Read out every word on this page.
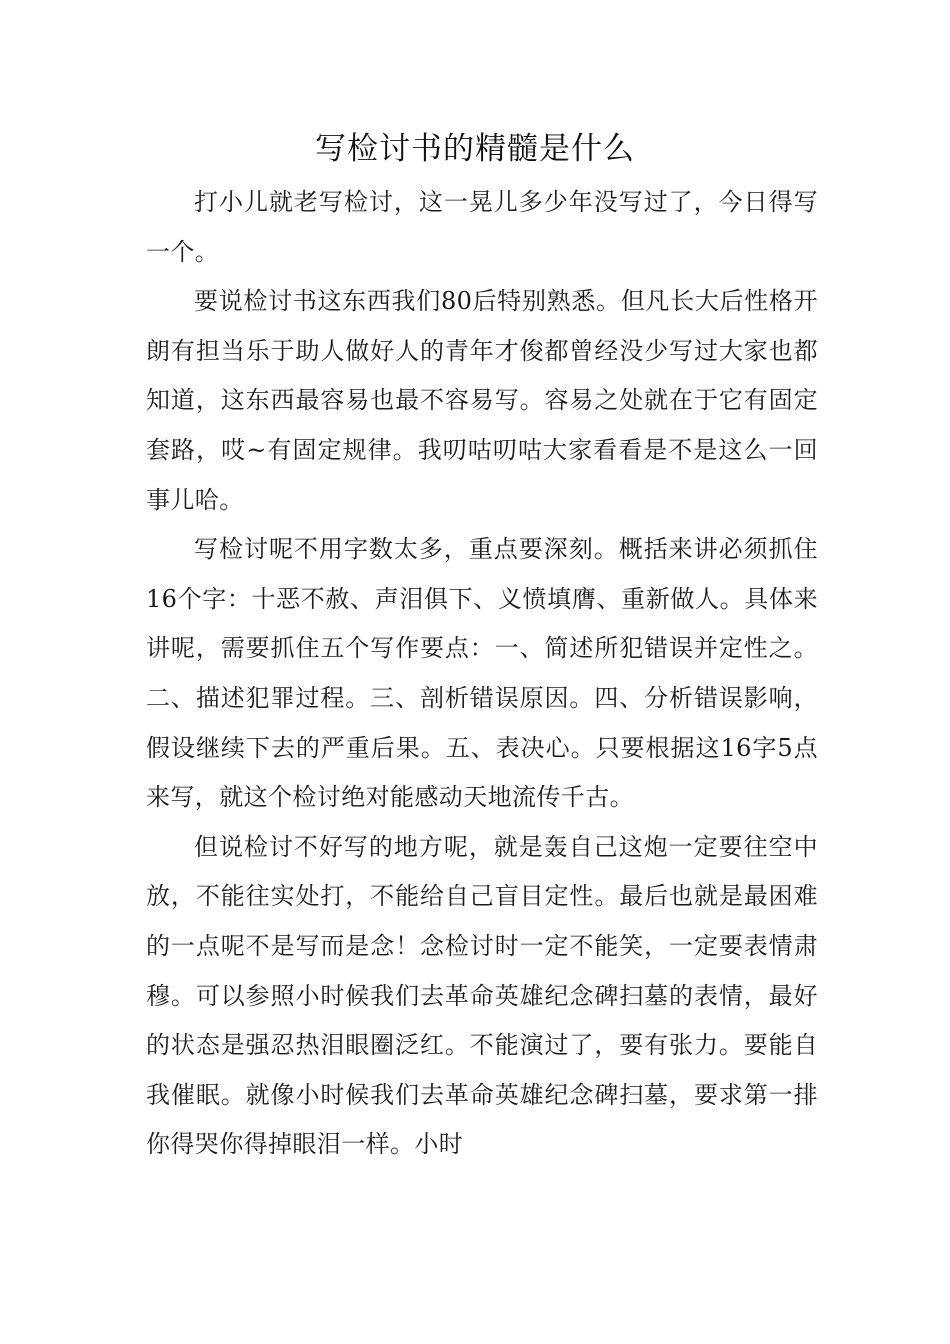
写检讨书的精髓是什么

打小儿就老写检讨，这一晃儿多少年没写过了，今日得写一个。

要说检讨书这东西我们80后特别熟悉。但凡长大后性格开朗有担当乐于助人做好人的青年才俊都曾经没少写过大家也都知道，这东西最容易也最不容易写。容易之处就在于它有固定套路，哎~有固定规律。我叨咕叨咕大家看看是不是这么一回事儿哈。

写检讨呢不用字数太多，重点要深刻。概括来讲必须抓住16个字：十恶不赦、声泪俱下、义愤填膺、重新做人。具体来讲呢，需要抓住五个写作要点：一、简述所犯错误并定性之。二、描述犯罪过程。三、剖析错误原因。四、分析错误影响，假设继续下去的严重后果。五、表决心。只要根据这16字5点来写，就这个检讨绝对能感动天地流传千古。

但说检讨不好写的地方呢，就是轰自己这炮一定要往空中放，不能往实处打，不能给自己盲目定性。最后也就是最困难的一点呢不是写而是念！念检讨时一定不能笑，一定要表情肃穆。可以参照小时候我们去革命英雄纪念碑扫墓的表情，最好的状态是强忍热泪眼圈泛红。不能演过了，要有张力。要能自我催眠。就像小时候我们去革命英雄纪念碑扫墓，要求第一排你得哭你得掉眼泪一样。小时
